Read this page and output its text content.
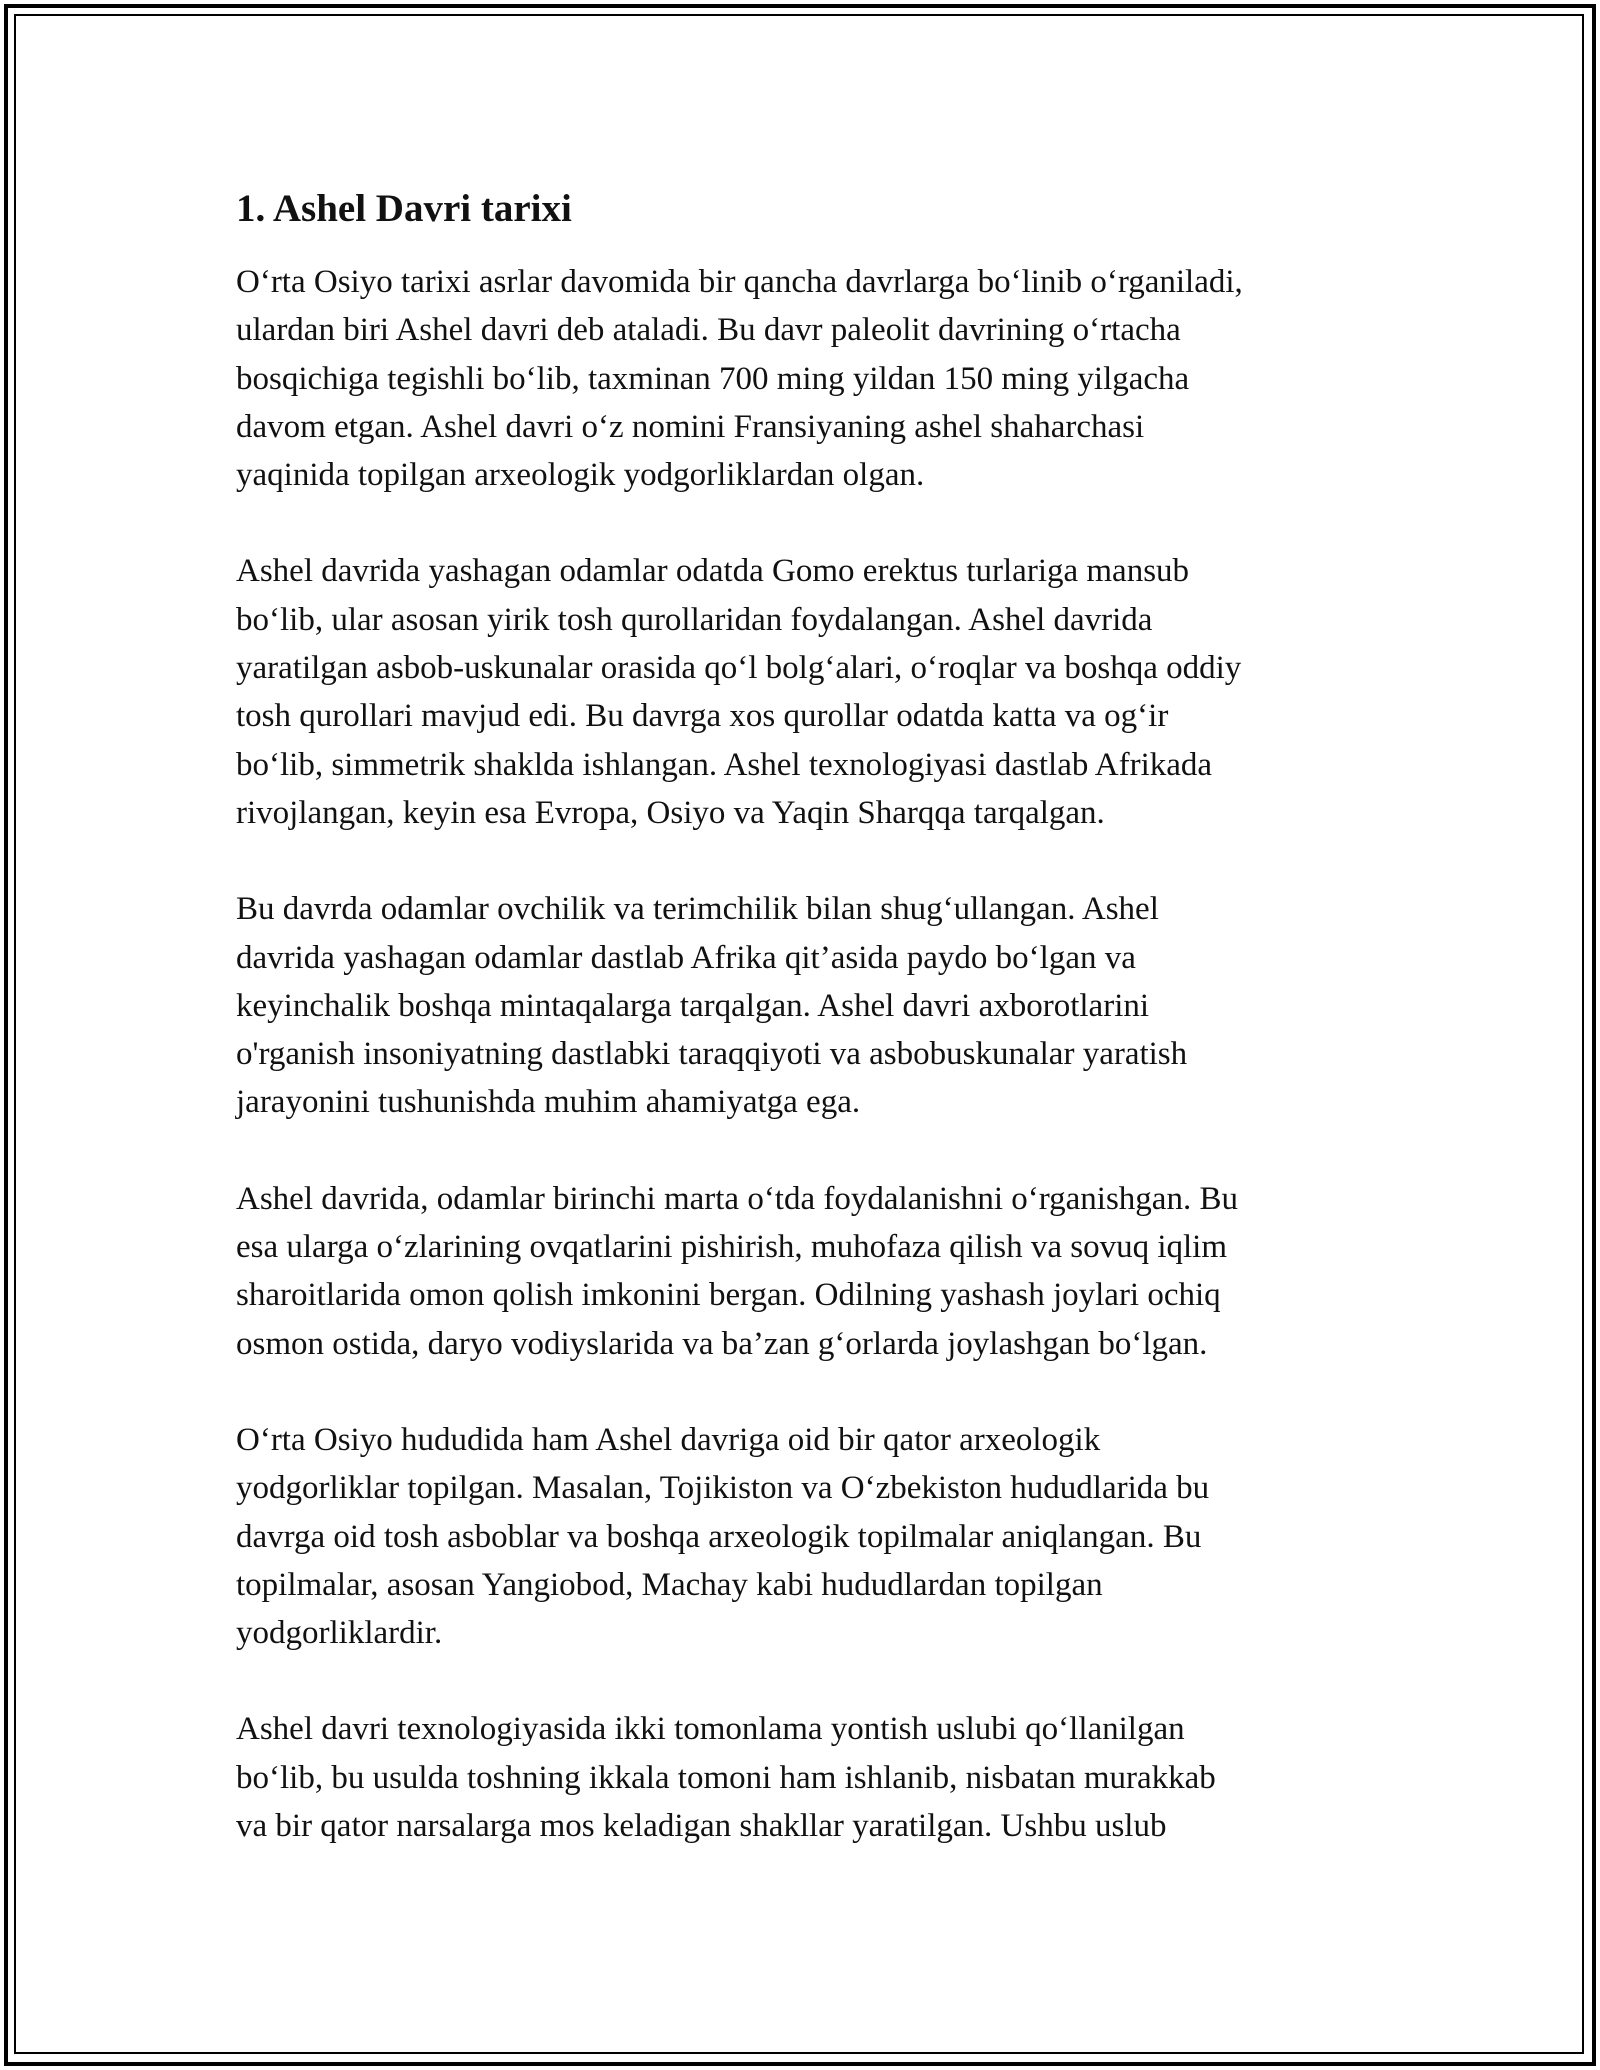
1. Ashel Davri tarixi

O‘rta Osiyo tarixi asrlar davomida bir qancha davrlarga bo‘linib o‘rganiladi,
ulardan biri Ashel davri deb ataladi. Bu davr paleolit davrining o‘rtacha
bosqichiga tegishli bo‘lib, taxminan 700 ming yildan 150 ming yilgacha
davom etgan. Ashel davri o‘z nomini Fransiyaning ashel shaharchasi
yaqinida topilgan arxeologik yodgorliklardan olgan.

Ashel davrida yashagan odamlar odatda Gomo erektus turlariga mansub
bo‘lib, ular asosan yirik tosh qurollaridan foydalangan. Ashel davrida
yaratilgan asbob-uskunalar orasida qo‘l bolg‘alari, o‘roqlar va boshqa oddiy
tosh qurollari mavjud edi. Bu davrga xos qurollar odatda katta va og‘ir
bo‘lib, simmetrik shaklda ishlangan. Ashel texnologiyasi dastlab Afrikada
rivojlangan, keyin esa Evropa, Osiyo va Yaqin Sharqqa tarqalgan.

Bu davrda odamlar ovchilik va terimchilik bilan shug‘ullangan. Ashel
davrida yashagan odamlar dastlab Afrika qit’asida paydo bo‘lgan va
keyinchalik boshqa mintaqalarga tarqalgan. Ashel davri axborotlarini
o'rganish insoniyatning dastlabki taraqqiyoti va asbobuskunalar yaratish
jarayonini tushunishda muhim ahamiyatga ega.

Ashel davrida, odamlar birinchi marta o‘tda foydalanishni o‘rganishgan. Bu
esa ularga o‘zlarining ovqatlarini pishirish, muhofaza qilish va sovuq iqlim
sharoitlarida omon qolish imkonini bergan. Odilning yashash joylari ochiq
osmon ostida, daryo vodiyslarida va ba’zan g‘orlarda joylashgan bo‘lgan.

O‘rta Osiyo hududida ham Ashel davriga oid bir qator arxeologik
yodgorliklar topilgan. Masalan, Tojikiston va O‘zbekiston hududlarida bu
davrga oid tosh asboblar va boshqa arxeologik topilmalar aniqlangan. Bu
topilmalar, asosan Yangiobod, Machay kabi hududlardan topilgan
yodgorliklardir.

Ashel davri texnologiyasida ikki tomonlama yontish uslubi qo‘llanilgan
bo‘lib, bu usulda toshning ikkala tomoni ham ishlanib, nisbatan murakkab
va bir qator narsalarga mos keladigan shakllar yaratilgan. Ushbu uslub
